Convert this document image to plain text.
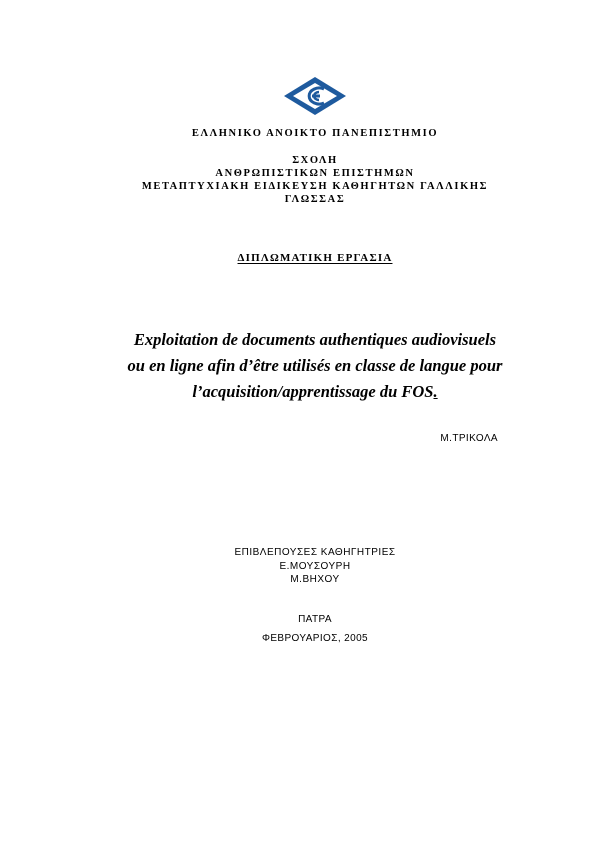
ΕΛΛΗΝΙΚΟ ΑΝΟΙΚΤΟ ΠΑΝΕΠΙΣΤΗΜΙΟ
ΣΧΟΛΗ
ΑΝΘΡΩΠΙΣΤΙΚΩΝ ΕΠΙΣΤΗΜΩΝ
ΜΕΤΑΠΤΥΧΙΑΚΗ ΕΙΔΙΚΕΥΣΗ ΚΑΘΗΓΗΤΩΝ ΓΑΛΛΙΚΗΣ
ΓΛΩΣΣΑΣ
ΔΙΠΛΩΜΑΤΙΚΗ ΕΡΓΑΣΙΑ
Exploitation de documents authentiques audiovisuels
ou en ligne afin d’être utilisés en classe de langue pour
l’acquisition/apprentissage du FOS.
Μ.ΤΡΙΚΟΛΑ
ΕΠΙΒΛΕΠΟΥΣΕΣ ΚΑΘΗΓΗΤΡΙΕΣ
Ε.ΜΟΥΣΟΥΡΗ
Μ.ΒΗΧΟΥ
ΠΑΤΡΑ
ΦΕΒΡΟΥΑΡΙΟΣ, 2005
